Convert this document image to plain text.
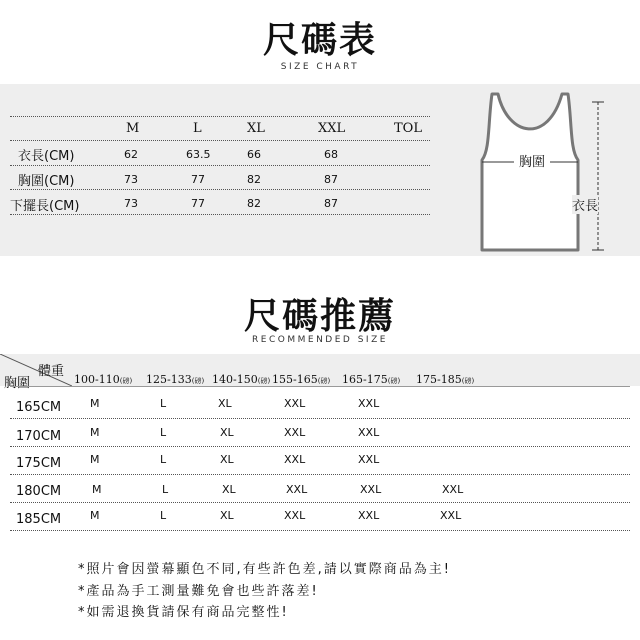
尺碼表
SIZE CHART
M	L	XL	XXL	TOL
衣長(CM)	62	63.5	66	68
胸圍(CM)	73	77	82	87
下擺長(CM)	73	77	82	87
胸圍
衣長
尺碼推薦
RECOMMENDED SIZE
體重
胸圍	100-110(磅) 125-133(磅) 140-150(磅) 155-165(磅) 165-175(磅) 175-185(磅)
165CM	M	L	XL	XXL	XXL
170CM	M	L	XL	XXL	XXL
175CM	M	L	XL	XXL	XXL
180CM	M	L	XL	XXL	XXL	XXL
185CM	M	L	XL	XXL	XXL	XXL
*照片會因螢幕顯色不同,有些許色差,請以實際商品為主!
*產品為手工測量難免會也些許落差!
*如需退換貨請保有商品完整性!
